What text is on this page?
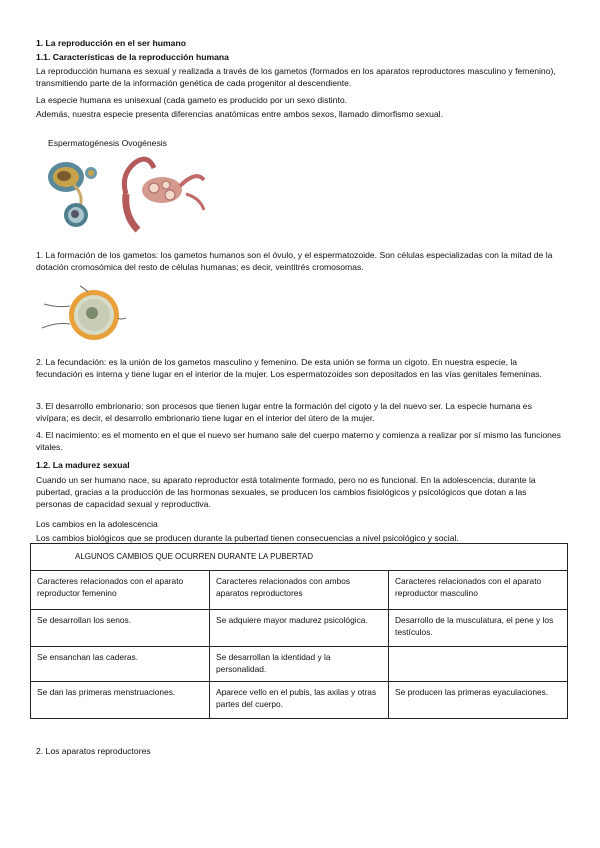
1. La reproducción en el ser humano
1.1. Características de la reproducción humana
La reproducción humana es sexual y realizada a través de los gametos (formados en los aparatos reproductores masculino y femenino), transmitiendo parte de la información genética de cada progenitor al descendiente.
La especie humana es unisexual (cada gameto es producido por un sexo distinto.
Además, nuestra especie presenta diferencias anatómicas entre ambos sexos, llamado dimorfismo sexual.
Espermatogénesis Ovogénesis
1. La formación de los gametos: los gametos humanos son el óvulo, y el espermatozoide. Son células especializadas con la mitad de la dotación cromosómica del resto de células humanas; es decir, veintitrés cromosomas.
2. La fecundación: es la unión de los gametos masculino y femenino. De esta unión se forma un cigoto. En nuestra especie, la fecundación es interna y tiene lugar en el interior de la mujer. Los espermatozoides son depositados en las vías genitales femeninas.
3. El desarrollo embrionario: son procesos que tienen lugar entre la formación del cigoto y la del nuevo ser. La especie humana es vivípara; es decir, el desarrollo embrionario tiene lugar en el interior del útero de la mujer.
4. El nacimiento: es el momento en el que el nuevo ser humano sale del cuerpo materno y comienza a realizar por sí mismo las funciones vitales.
1.2. La madurez sexual
Cuando un ser humano nace, su aparato reproductor está totalmente formado, pero no es funcional. En la adolescencia, durante la pubertad, gracias a la producción de las hormonas sexuales, se producen los cambios fisiológicos y psicológicos que dotan a las personas de capacidad sexual y reproductiva.
Los cambios en la adolescencia
Los cambios biológicos que se producen durante la pubertad tienen consecuencias a nivel psicológico y social.
ALGUNOS CAMBIOS QUE OCURREN DURANTE LA PUBERTAD		
Caracteres relacionados con el aparato reproductor femenino	Caracteres relacionados con ambos aparatos reproductores	Caracteres relacionados con el aparato reproductor masculino
Se desarrollan los senos.	Se adquiere mayor madurez psicológica.	Desarrollo de la musculatura, el pene y los testículos.
Se ensanchan las caderas.	Se desarrollan la identidad y la personalidad.	
Se dan las primeras menstruaciones.	Aparece vello en el pubis, las axilas y otras partes del cuerpo.	Se producen las primeras eyaculaciones.
2. Los aparatos reproductores
